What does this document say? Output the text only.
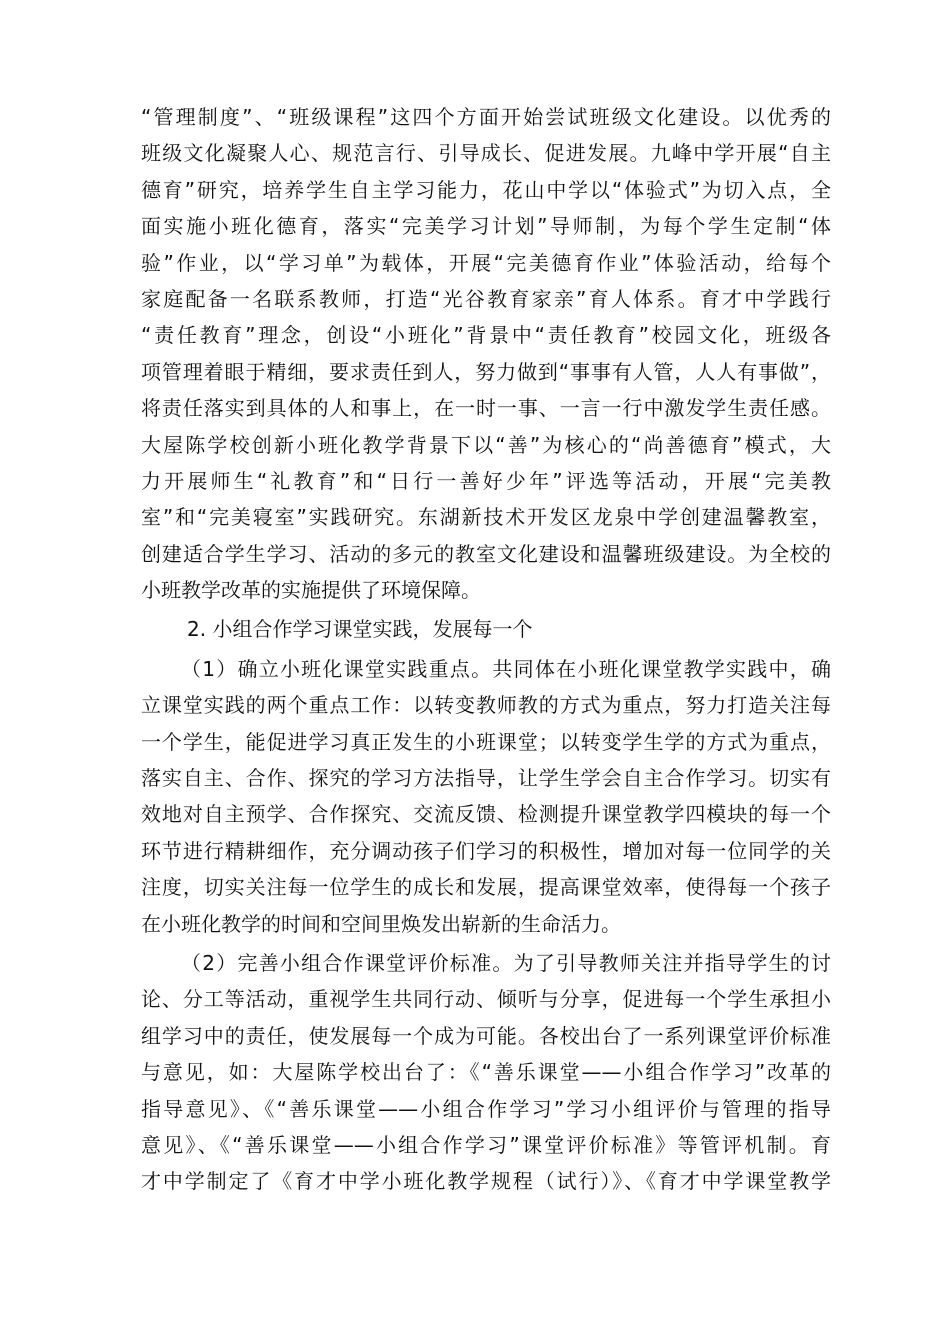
“管理制度”、“班级课程”这四个方面开始尝试班级文化建设。以优秀的
班级文化凝聚人心、规范言行、引导成长、促进发展。九峰中学开展“自主
德育”研究，培养学生自主学习能力，花山中学以“体验式”为切入点，全
面实施小班化德育，落实“完美学习计划”导师制，为每个学生定制“体
验”作业，以“学习单”为载体，开展“完美德育作业”体验活动，给每个
家庭配备一名联系教师，打造“光谷教育家亲”育人体系。育才中学践行
“责任教育”理念，创设“小班化”背景中“责任教育”校园文化，班级各
项管理着眼于精细，要求责任到人，努力做到“事事有人管，人人有事做”，
将责任落实到具体的人和事上，在一时一事、一言一行中激发学生责任感。
大屋陈学校创新小班化教学背景下以“善”为核心的“尚善德育”模式，大
力开展师生“礼教育”和“日行一善好少年”评选等活动，开展“完美教
室”和“完美寝室”实践研究。东湖新技术开发区龙泉中学创建温馨教室，
创建适合学生学习、活动的多元的教室文化建设和温馨班级建设。为全校的
小班教学改革的实施提供了环境保障。
2. 小组合作学习课堂实践，发展每一个
（1）确立小班化课堂实践重点。共同体在小班化课堂教学实践中，确
立课堂实践的两个重点工作：以转变教师教的方式为重点，努力打造关注每
一个学生，能促进学习真正发生的小班课堂；以转变学生学的方式为重点，
落实自主、合作、探究的学习方法指导，让学生学会自主合作学习。切实有
效地对自主预学、合作探究、交流反馈、检测提升课堂教学四模块的每一个
环节进行精耕细作，充分调动孩子们学习的积极性，增加对每一位同学的关
注度，切实关注每一位学生的成长和发展，提高课堂效率，使得每一个孩子
在小班化教学的时间和空间里焕发出崭新的生命活力。
（2）完善小组合作课堂评价标准。为了引导教师关注并指导学生的讨
论、分工等活动，重视学生共同行动、倾听与分享，促进每一个学生承担小
组学习中的责任，使发展每一个成为可能。各校出台了一系列课堂评价标准
与意见，如：大屋陈学校出台了：《“善乐课堂——小组合作学习”改革的
指导意见》、《“善乐课堂——小组合作学习”学习小组评价与管理的指导
意见》、《“善乐课堂——小组合作学习”课堂评价标准》等管评机制。育
才中学制定了《育才中学小班化教学规程（试行）》、《育才中学课堂教学
